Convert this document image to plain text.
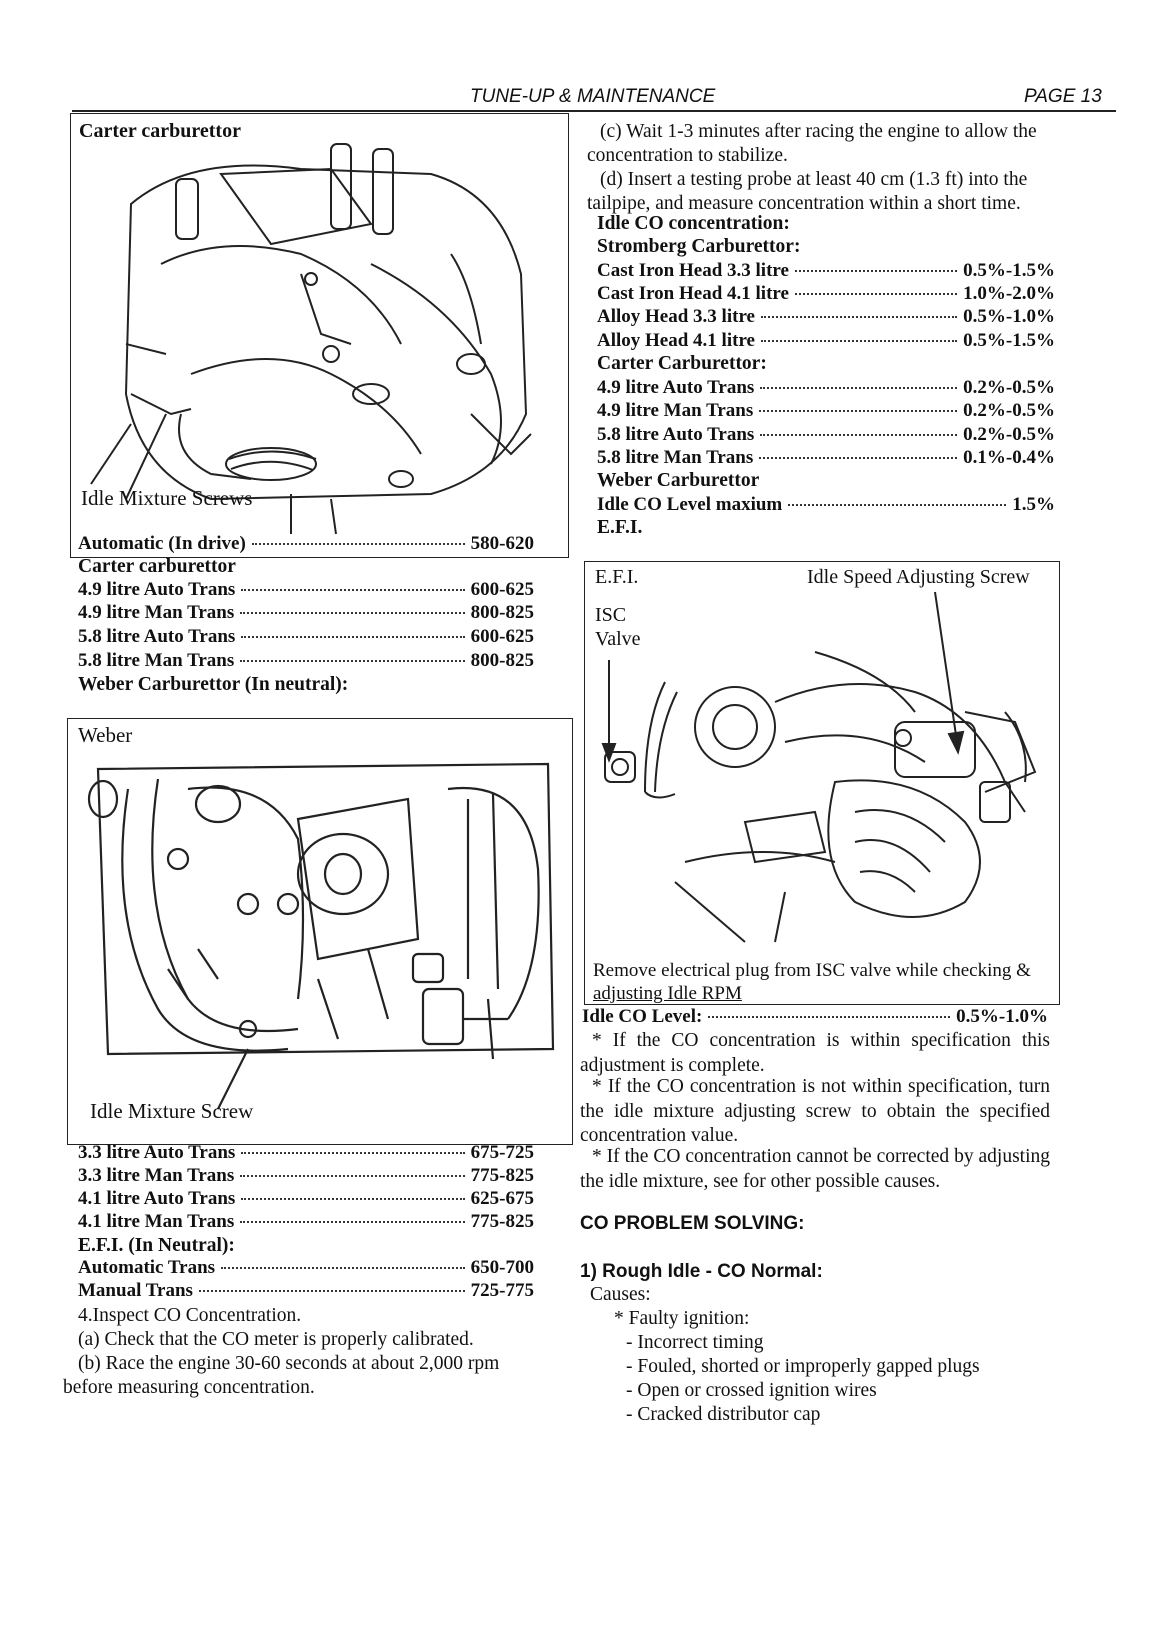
TUNE-UP & MAINTENANCE	PAGE 13
Carter carburettor
Idle Mixture Screws
Automatic (In drive)	580-620
Carter carburettor
4.9 litre Auto Trans	600-625
4.9 litre Man Trans	800-825
5.8 litre Auto Trans	600-625
5.8 litre Man Trans	800-825
Weber Carburettor (In neutral):
Weber
Idle Mixture Screw
3.3 litre Auto Trans	675-725
3.3 litre Man Trans	775-825
4.1 litre Auto Trans	625-675
4.1 litre Man Trans	775-825
E.F.I. (In Neutral):
Automatic Trans	650-700
Manual Trans	725-775
4.Inspect CO Concentration.
(a) Check that the CO meter is properly calibrated.
(b) Race the engine 30-60 seconds at about 2,000 rpm
before measuring concentration.
(c) Wait 1-3 minutes after racing the engine to allow the
concentration to stabilize.
(d) Insert a testing probe at least 40 cm (1.3 ft) into the
tailpipe, and measure concentration within a short time.
Idle CO concentration:
Stromberg Carburettor:
Cast Iron Head 3.3 litre	0.5%-1.5%
Cast Iron Head 4.1 litre	1.0%-2.0%
Alloy Head 3.3 litre	0.5%-1.0%
Alloy Head 4.1 litre	0.5%-1.5%
Carter Carburettor:
4.9 litre Auto Trans	0.2%-0.5%
4.9 litre Man Trans	0.2%-0.5%
5.8 litre Auto Trans	0.2%-0.5%
5.8 litre Man Trans	0.1%-0.4%
Weber Carburettor
Idle CO Level maxium	1.5%
E.F.I.
E.F.I.	Idle Speed Adjusting Screw
ISC
Valve
Remove electrical plug from ISC valve while checking &
adjusting Idle RPM
Idle CO Level:	0.5%-1.0%
* If the CO concentration is within specification this adjustment is complete.
* If the CO concentration is not within specification, turn the idle mixture adjusting screw to obtain the specified concentration value.
* If the CO concentration cannot be corrected by adjusting the idle mixture, see for other possible causes.
CO PROBLEM SOLVING:
1) Rough Idle - CO Normal:
Causes:
* Faulty ignition:
- Incorrect timing
- Fouled, shorted or improperly gapped plugs
- Open or crossed ignition wires
- Cracked distributor cap
